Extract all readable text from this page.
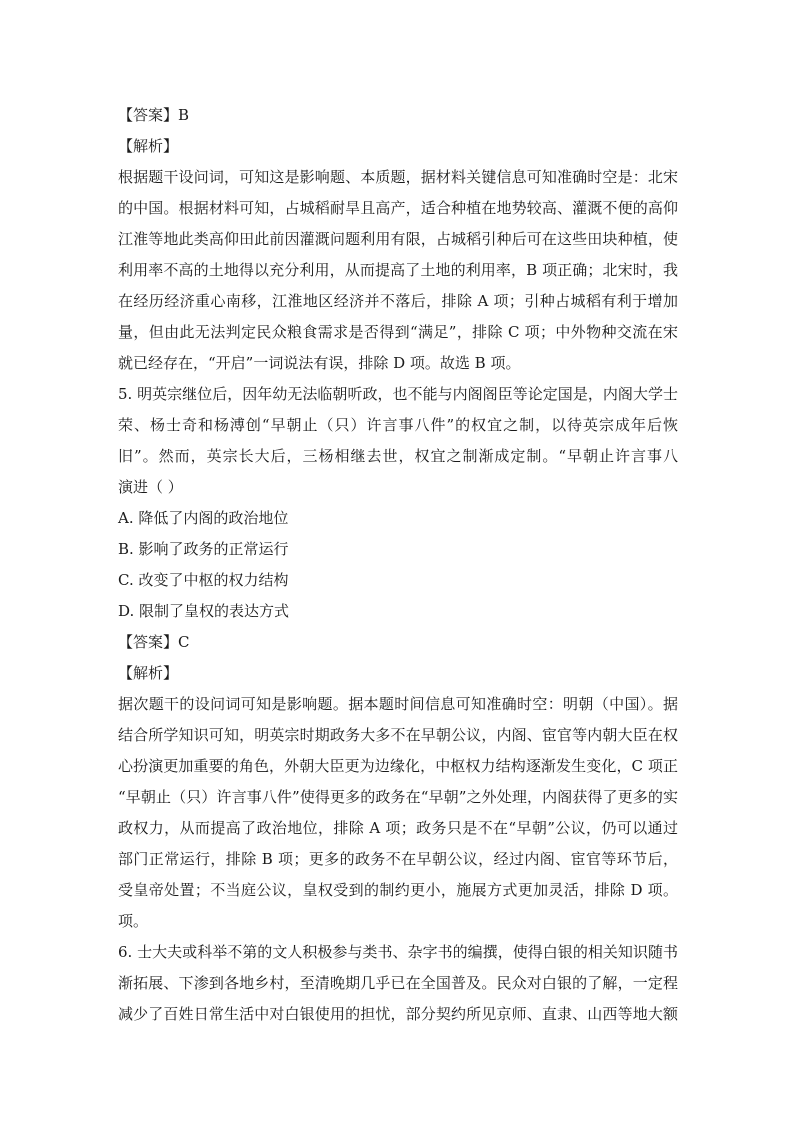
【答案】B
【解析】
根据题干设问词，可知这是影响题、本质题，据材料关键信息可知准确时空是：北宋
的中国。根据材料可知，占城稻耐旱且高产，适合种植在地势较高、灌溉不便的高仰
江淮等地此类高仰田此前因灌溉问题利用有限，占城稻引种后可在这些田块种植，使
利用率不高的土地得以充分利用，从而提高了土地的利用率，B 项正确；北宋时，我
在经历经济重心南移，江淮地区经济并不落后，排除 A 项；引种占城稻有利于增加
量，但由此无法判定民众粮食需求是否得到“满足”，排除 C 项；中外物种交流在宋
就已经存在，“开启”一词说法有误，排除 D 项。故选 B 项。
5. 明英宗继位后，因年幼无法临朝听政，也不能与内阁阁臣等论定国是，内阁大学士
荣、杨士奇和杨溥创“早朝止（只）许言事八件”的权宜之制，以待英宗成年后恢
旧”。然而，英宗长大后，三杨相继去世，权宜之制渐成定制。“早朝止许言事八
演进（ ）
A. 降低了内阁的政治地位
B. 影响了政务的正常运行
C. 改变了中枢的权力结构
D. 限制了皇权的表达方式
【答案】C
【解析】
据次题干的设问词可知是影响题。据本题时间信息可知准确时空：明朝（中国）。据
结合所学知识可知，明英宗时期政务大多不在早朝公议，内阁、宦官等内朝大臣在权
心扮演更加重要的角色，外朝大臣更为边缘化，中枢权力结构逐渐发生变化，C 项正
“早朝止（只）许言事八件”使得更多的政务在“早朝”之外处理，内阁获得了更多的实
政权力，从而提高了政治地位，排除 A 项；政务只是不在“早朝”公议，仍可以通过
部门正常运行，排除 B 项；更多的政务不在早朝公议，经过内阁、宦官等环节后，
受皇帝处置；不当庭公议，皇权受到的制约更小，施展方式更加灵活，排除 D 项。
项。
6. 士大夫或科举不第的文人积极参与类书、杂字书的编撰，使得白银的相关知识随书
渐拓展、下渗到各地乡村，至清晚期几乎已在全国普及。民众对白银的了解，一定程
减少了百姓日常生活中对白银使用的担忧，部分契约所见京师、直隶、山西等地大额
